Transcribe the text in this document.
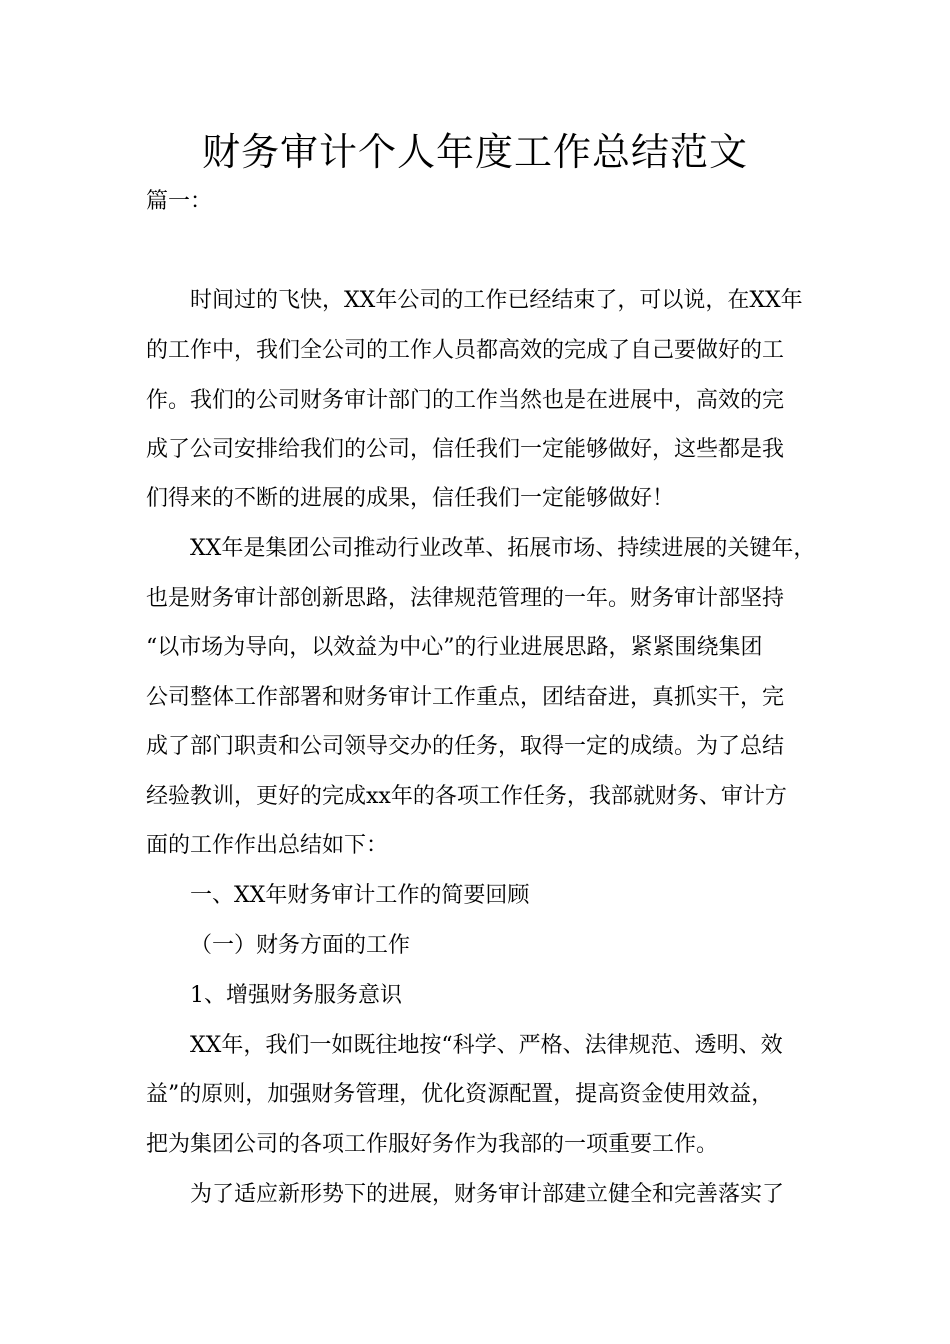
财务审计个人年度工作总结范文
篇一：
时间过的飞快，XX年公司的工作已经结束了，可以说，在XX年
的工作中，我们全公司的工作人员都高效的完成了自己要做好的工
作。我们的公司财务审计部门的工作当然也是在进展中，高效的完
成了公司安排给我们的公司，信任我们一定能够做好，这些都是我
们得来的不断的进展的成果，信任我们一定能够做好！
XX年是集团公司推动行业改革、拓展市场、持续进展的关键年，
也是财务审计部创新思路，法律规范管理的一年。财务审计部坚持
“以市场为导向，以效益为中心”的行业进展思路，紧紧围绕集团
公司整体工作部署和财务审计工作重点，团结奋进，真抓实干，完
成了部门职责和公司领导交办的任务，取得一定的成绩。为了总结
经验教训，更好的完成xx年的各项工作任务，我部就财务、审计方
面的工作作出总结如下：
一、XX年财务审计工作的简要回顾
（一）财务方面的工作
1、增强财务服务意识
XX年，我们一如既往地按“科学、严格、法律规范、透明、效
益”的原则，加强财务管理，优化资源配置，提高资金使用效益，
把为集团公司的各项工作服好务作为我部的一项重要工作。
为了适应新形势下的进展，财务审计部建立健全和完善落实了
